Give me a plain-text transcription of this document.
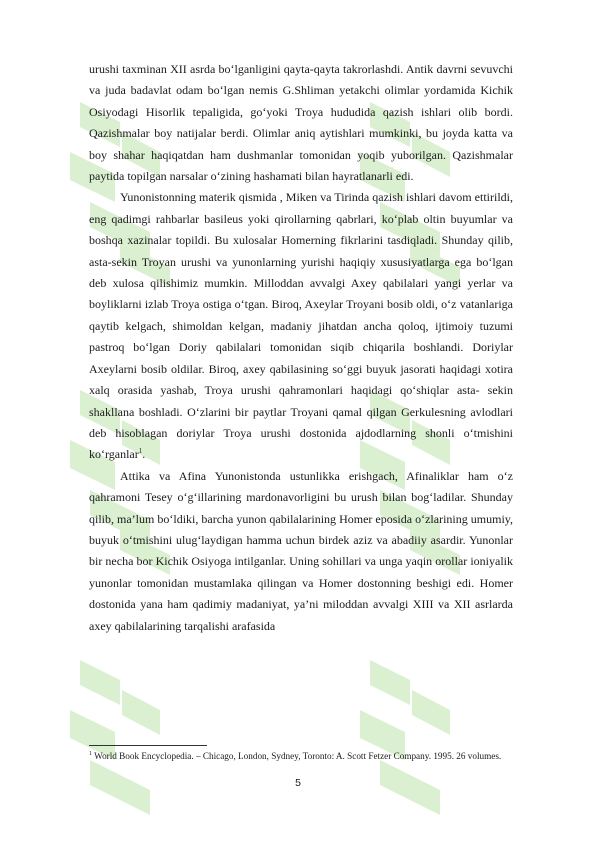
urushi taxminan XII asrda bo‘lganligini qayta-qayta takrorlashdi. Antik davrni sevuvchi va juda badavlat odam bo‘lgan nemis G.Shliman yetakchi olimlar yordamida Kichik Osiyodagi Hisorlik tepaligida, go‘yoki Troya hududida qazish ishlari olib bordi. Qazishmalar boy natijalar berdi. Olimlar aniq aytishlari mumkinki, bu joyda katta va boy shahar haqiqatdan ham dushmanlar tomonidan yoqib yuborilgan. Qazishmalar paytida topilgan narsalar o‘zining hashamati bilan hayratlanarli edi.

Yunonistonning materik qismida , Miken va Tirinda qazish ishlari davom ettirildi, eng qadimgi rahbarlar basileus yoki qirollarning qabrlari, ko‘plab oltin buyumlar va boshqa xazinalar topildi. Bu xulosalar Homerning fikrlarini tasdiqladi. Shunday qilib, asta-sekin Troyan urushi va yunonlarning yurishi haqiqiy xususiyatlarga ega bo‘lgan deb xulosa qilishimiz mumkin. Milloddan avvalgi Axey qabilalari yangi yerlar va boyliklarni izlab Troya ostiga o‘tgan. Biroq, Axeylar Troyani bosib oldi, o‘z vatanlariga qaytib kelgach, shimoldan kelgan, madaniy jihatdan ancha qoloq, ijtimoiy tuzumi pastroq bo‘lgan Doriy qabilalari tomonidan siqib chiqarila boshlandi. Doriylar Axeylarni bosib oldilar. Biroq, axey qabilasining so‘ggi buyuk jasorati haqidagi xotira xalq orasida yashab, Troya urushi qahramonlari haqidagi qo‘shiqlar asta- sekin shakllana boshladi. O‘zlarini bir paytlar Troyani qamal qilgan Gerkulesning avlodlari deb hisoblagan doriylar Troya urushi dostonida ajdodlarning shonli o‘tmishini ko‘rganlar$^1$.

Attika va Afina Yunonistonda ustunlikka erishgach, Afinaliklar ham o‘z qahramoni Tesey o‘g‘illarining mardonavorligini bu urush bilan bog‘ladilar. Shunday qilib, ma’lum bo‘ldiki, barcha yunon qabilalarining Homer eposida o‘zlarining umumiy, buyuk o‘tmishini ulug‘laydigan hamma uchun birdek aziz va abadiiy asardir. Yunonlar bir necha bor Kichik Osiyoga intilganlar. Uning sohillari va unga yaqin orollar ioniyalik yunonlar tomonidan mustamlaka qilingan va Homer dostonning beshigi edi. Homer dostonida yana ham qadimiy madaniyat, ya’ni miloddan avvalgi XIII va XII asrlarda axey qabilalarining tarqalishi arafasida

$^1$ World Book Encyclopedia. – Chicago, London, Sydney, Toronto: A. Scott Fetzer Company. 1995. 26 volumes.
5
